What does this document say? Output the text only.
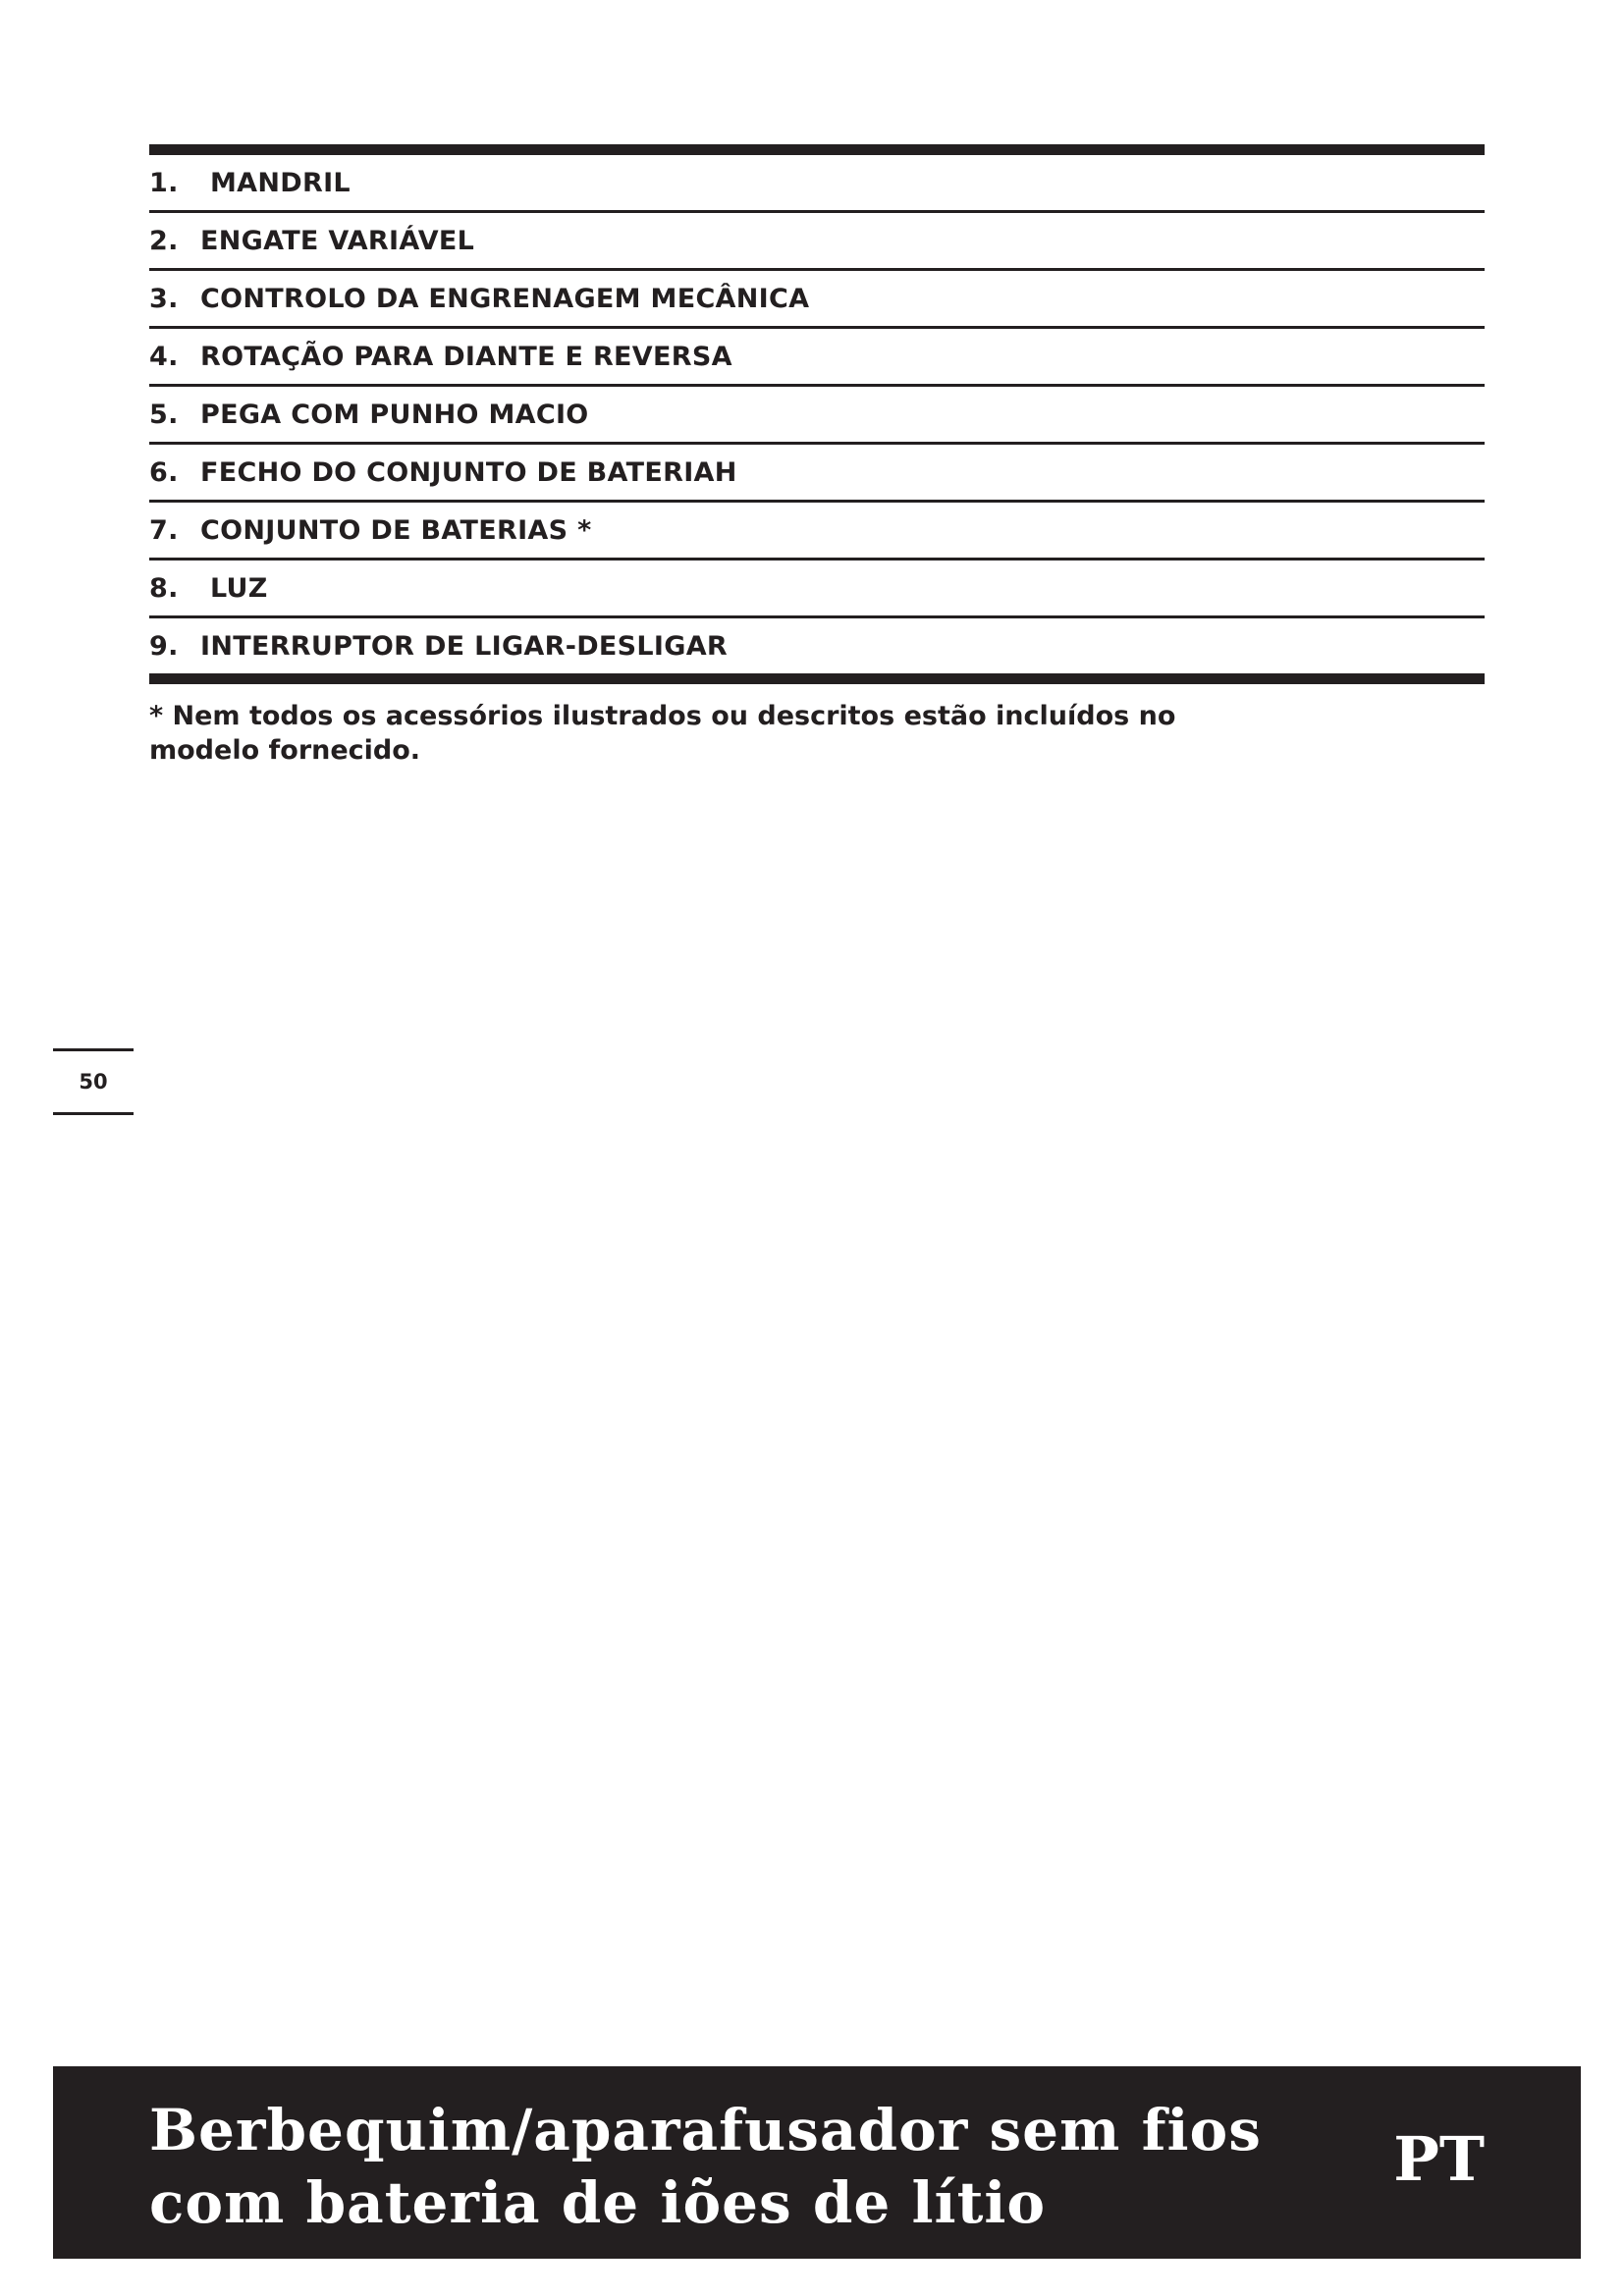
1.	MANDRIL
2. ENGATE VARIÁVEL
3. CONTROLO DA ENGRENAGEM MECÂNICA
4. ROTAÇÃO PARA DIANTE E REVERSA
5. PEGA COM PUNHO MACIO
6. FECHO DO CONJUNTO DE BATERIAH
7. CONJUNTO DE BATERIAS *
8.	LUZ
9. INTERRUPTOR DE LIGAR-DESLIGAR
* Nem todos os acessórios ilustrados ou descritos estão incluídos no
modelo fornecido.
50
Berbequim/aparafusador sem fios
com bateria de iões de lítio
PT
